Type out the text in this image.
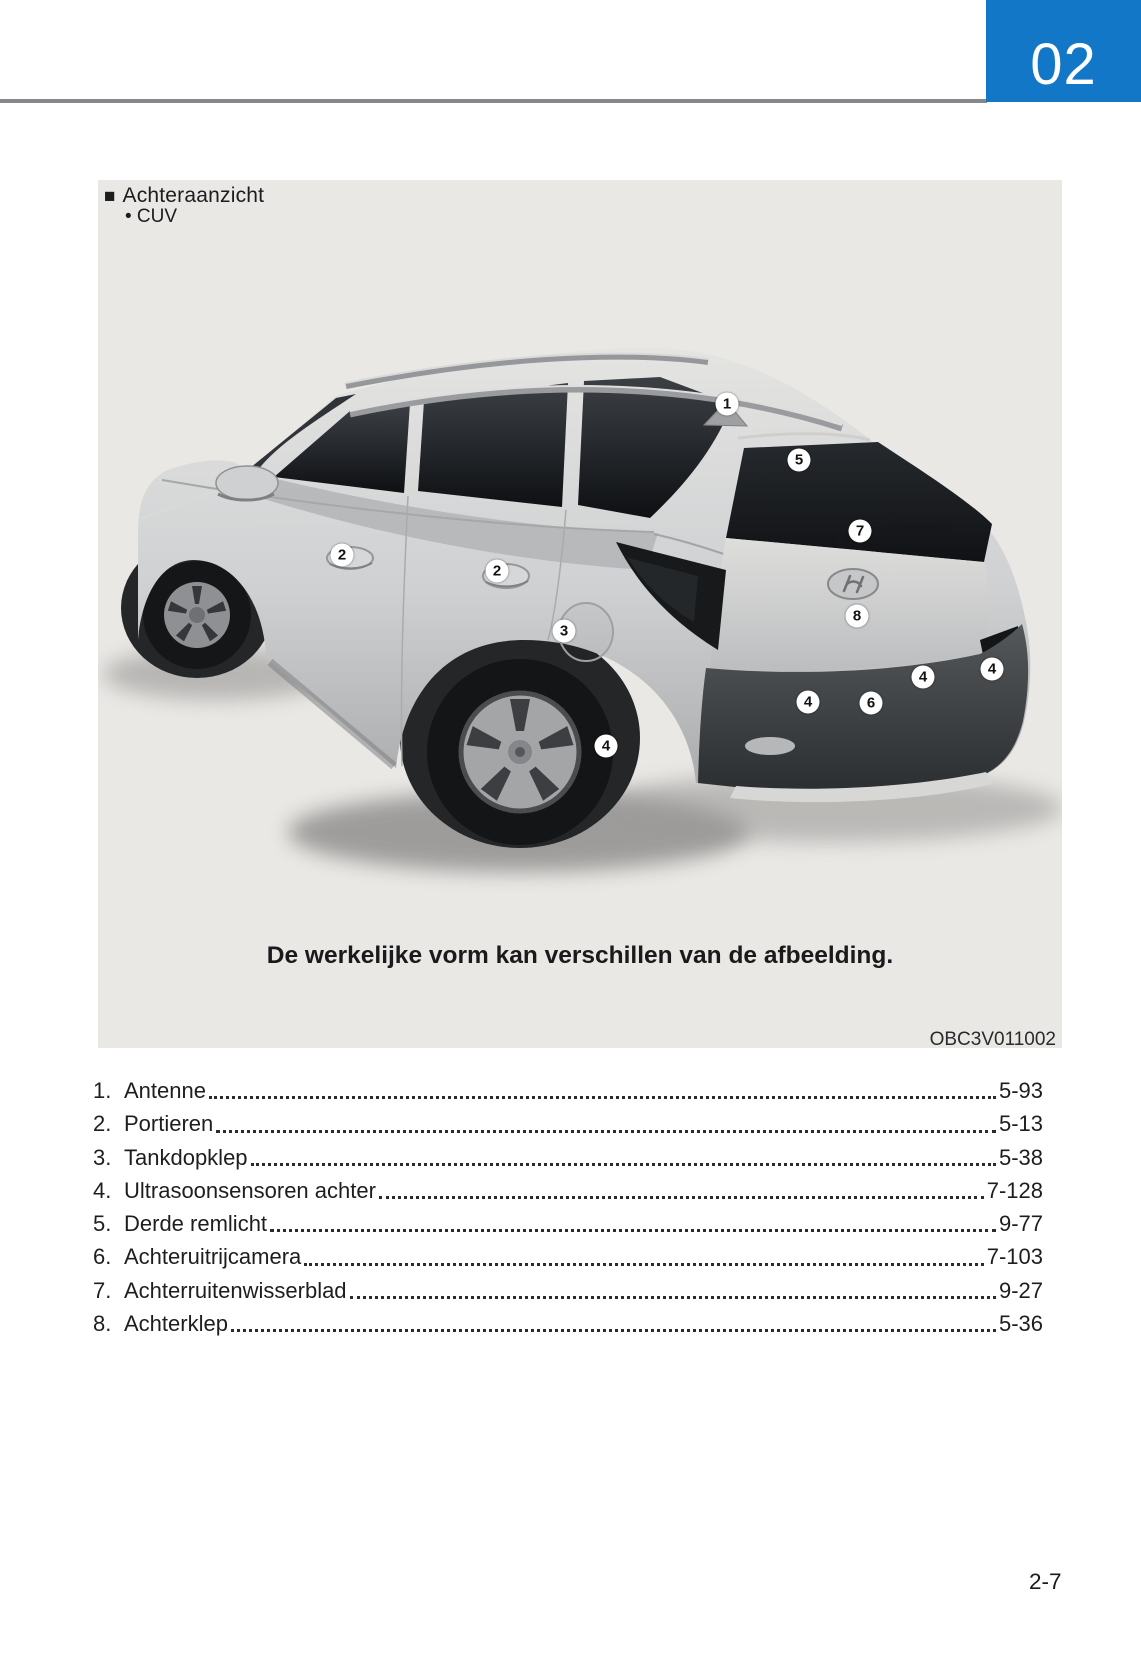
02
■ Achteraanzicht
• CUV
1
5
7
2
2
8
3
4
4
4	6
4
De werkelijke vorm kan verschillen van de afbeelding.
OBC3V011002
1. Antenne	5-93
2. Portieren	5-13
3. Tankdopklep	5-38
4. Ultrasoonsensoren achter	7-128
5. Derde remlicht	9-77
6. Achteruitrijcamera	7-103
7. Achterruitenwisserblad	9-27
8. Achterklep	5-36
2-7
